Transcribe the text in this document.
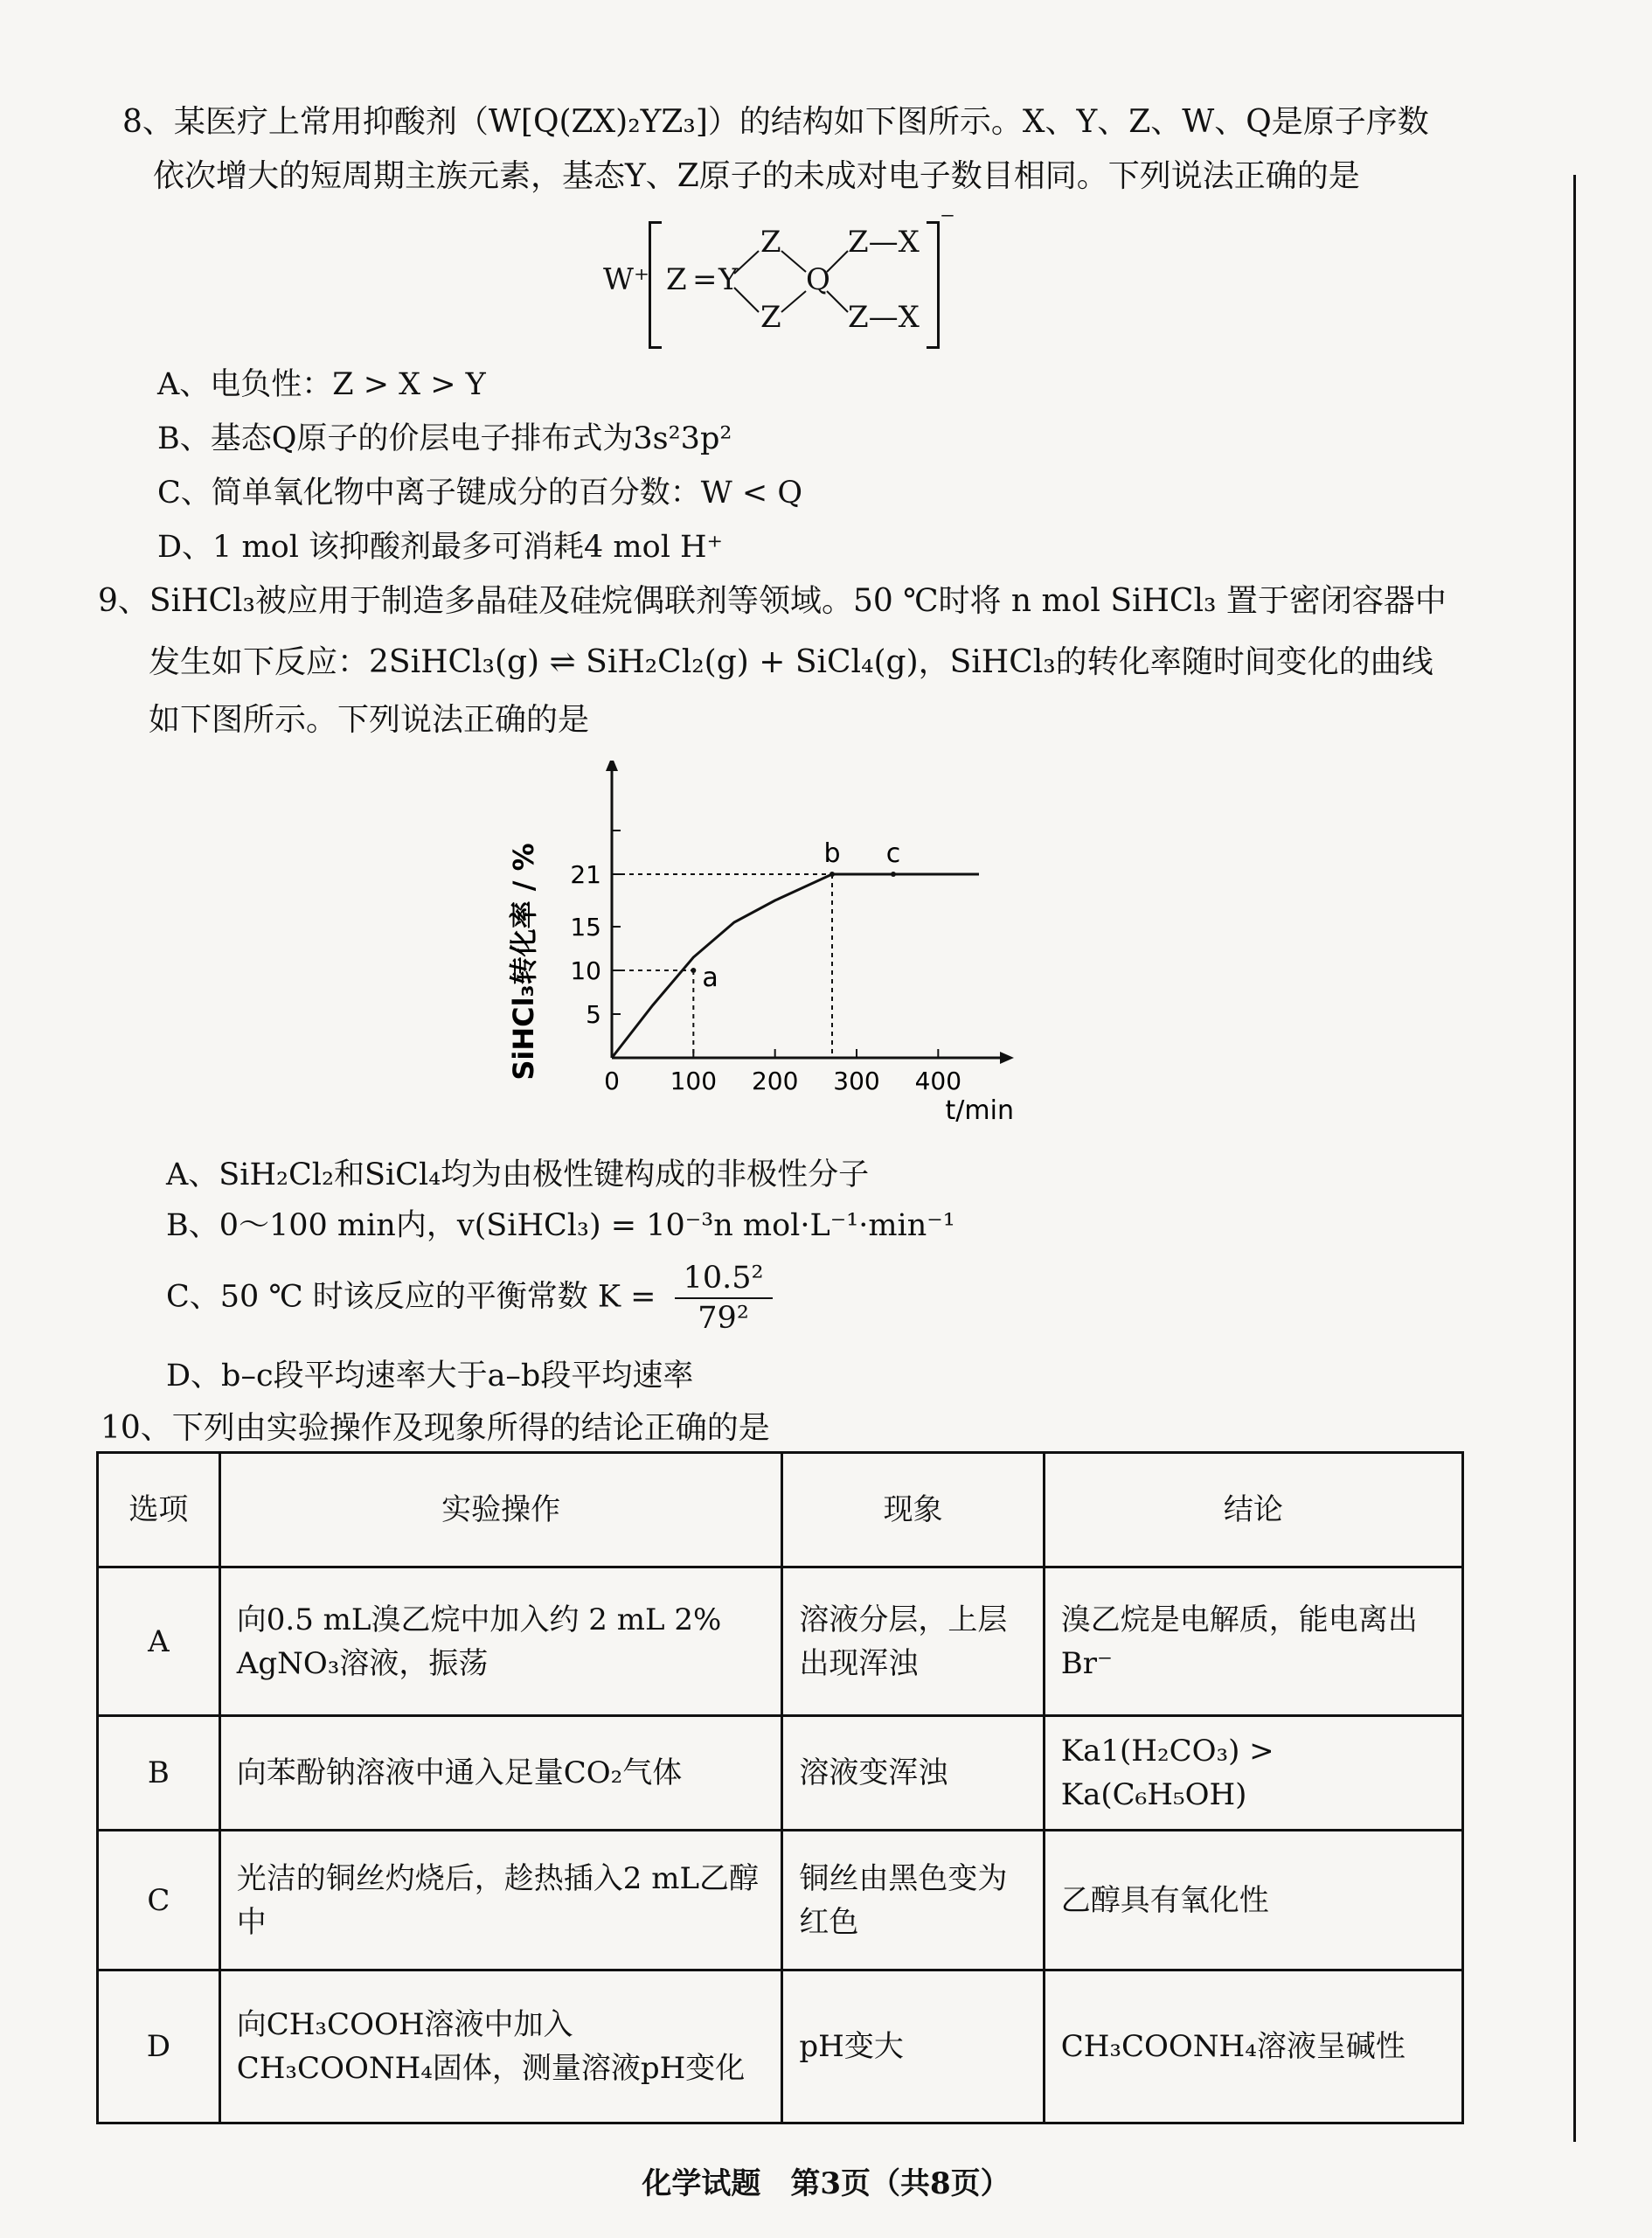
8、某医疗上常用抑酸剂（W[Q(ZX)₂YZ₃]）的结构如下图所示。X、Y、Z、W、Q是原子序数
依次增大的短周期主族元素，基态Y、Z原子的未成对电子数目相同。下列说法正确的是
W⁺
⁻
Z = Y
Z
Z
Q
Z—X
Z—X
A、电负性：Z > X > Y
B、基态Q原子的价层电子排布式为3s²3p²
C、简单氧化物中离子键成分的百分数：W < Q
D、1 mol 该抑酸剂最多可消耗4 mol H⁺
9、SiHCl₃被应用于制造多晶硅及硅烷偶联剂等领域。50 ℃时将 n mol SiHCl₃ 置于密闭容器中
发生如下反应：2SiHCl₃(g) ⇌ SiH₂Cl₂(g) + SiCl₄(g)，SiHCl₃的转化率随时间变化的曲线
如下图所示。下列说法正确的是
5
10
15
21
0 100 200 300 400
t/min
SiHCl₃转化率 / %	a
b c
A、SiH₂Cl₂和SiCl₄均为由极性键构成的非极性分子
B、0～100 min内，v(SiHCl₃) = 10⁻³n mol·L⁻¹·min⁻¹
C、50 ℃ 时该反应的平衡常数 $K = \frac{\text{10.5²}}{\text{79²}}$
D、b–c段平均速率大于a–b段平均速率
10、下列由实验操作及现象所得的结论正确的是
选项	实验操作	现象	结论
A	向0.5 mL溴乙烷中加入约 2 mL 2% AgNO₃溶液，振荡	溶液分层，上层出现浑浊	溴乙烷是电解质，能电离出Br⁻
B	向苯酚钠溶液中通入足量CO₂气体	溶液变浑浊	Ka1(H₂CO₃) > Ka(C₆H₅OH)
C	光洁的铜丝灼烧后，趁热插入2 mL乙醇中	铜丝由黑色变为红色	乙醇具有氧化性
D	向CH₃COOH溶液中加入CH₃COONH₄固体，测量溶液pH变化	pH变大	CH₃COONH₄溶液呈碱性
化学试题　第3页（共8页）
